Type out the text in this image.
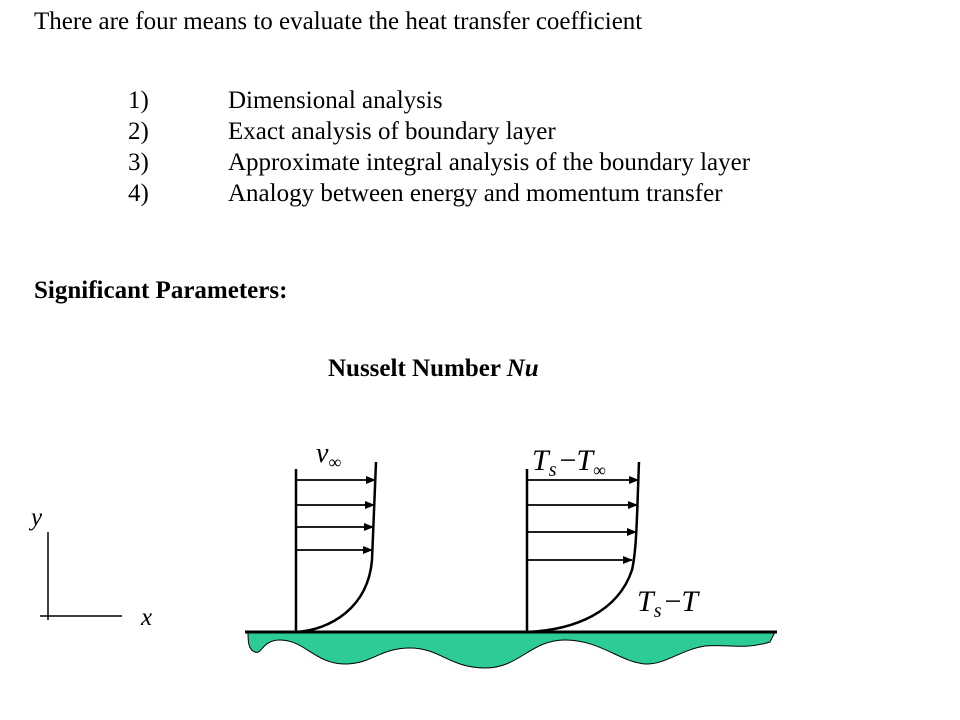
There are four means to evaluate the heat transfer coefficient
1)	Dimensional analysis
2)	Exact analysis of boundary layer
3)	Approximate integral analysis of the boundary layer
4)	Analogy between energy and momentum transfer
Significant Parameters:
Nusselt Number Nu
y
x
$v_\infty$	$T_s -T_\infty$
$T_s -T$
